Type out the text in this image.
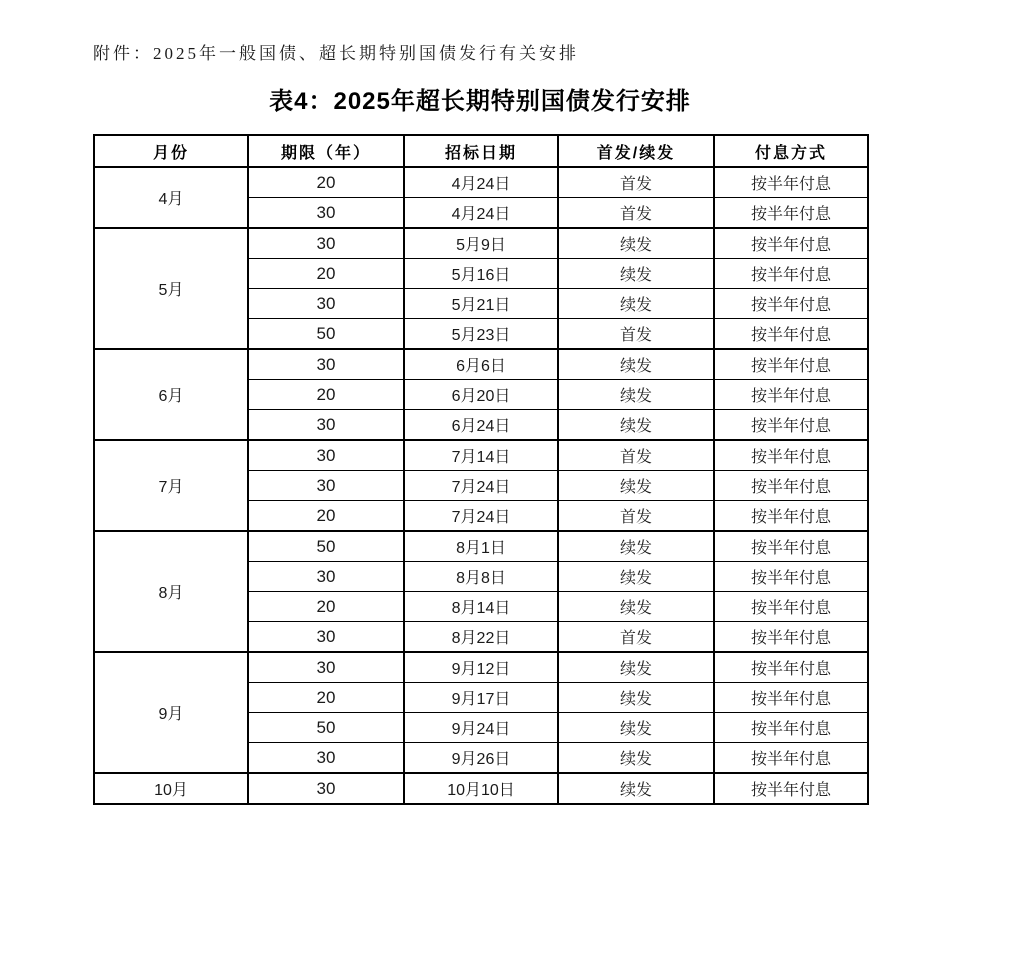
附件：2025年一般国债、超长期特别国债发行有关安排

表4：2025年超长期特别国债发行安排
月份	期限（年）	招标日期	首发/续发	付息方式
4月	20	4月24日	首发	按半年付息
	30	4月24日	首发	按半年付息
5月	30	5月9日	续发	按半年付息
	20	5月16日	续发	按半年付息
	30	5月21日	续发	按半年付息
	50	5月23日	首发	按半年付息
6月	30	6月6日	续发	按半年付息
	20	6月20日	续发	按半年付息
	30	6月24日	续发	按半年付息
7月	30	7月14日	首发	按半年付息
	30	7月24日	续发	按半年付息
	20	7月24日	首发	按半年付息
8月	50	8月1日	续发	按半年付息
	30	8月8日	续发	按半年付息
	20	8月14日	续发	按半年付息
	30	8月22日	首发	按半年付息
9月	30	9月12日	续发	按半年付息
	20	9月17日	续发	按半年付息
	50	9月24日	续发	按半年付息
	30	9月26日	续发	按半年付息
10月	30	10月10日	续发	按半年付息
